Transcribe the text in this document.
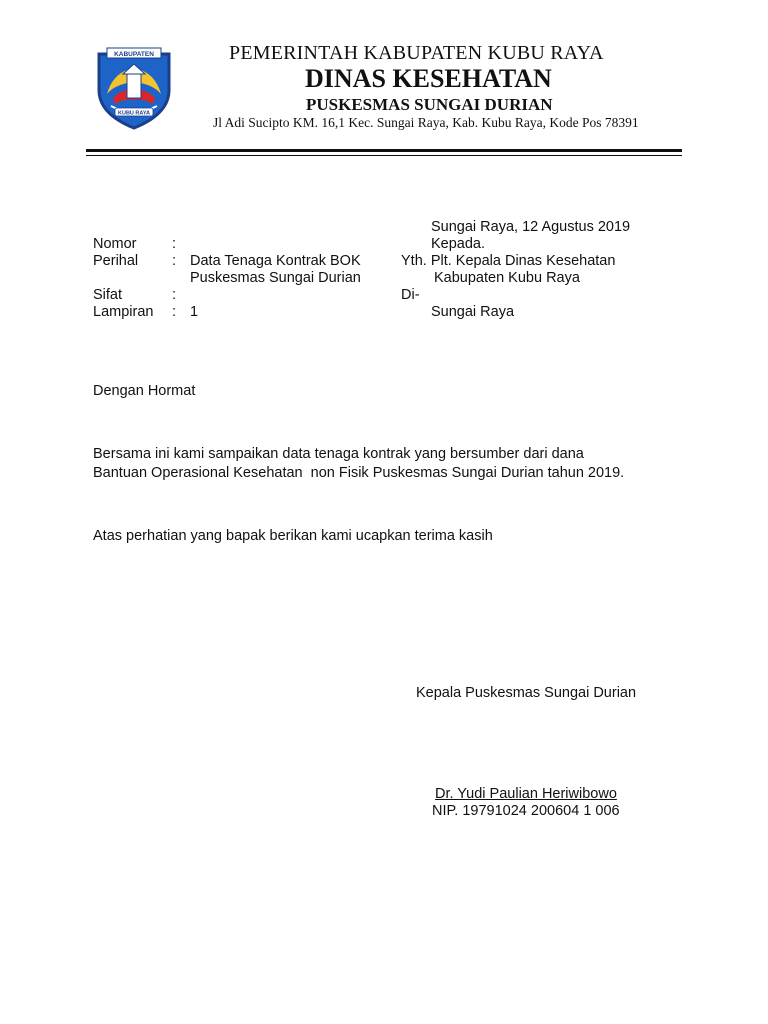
KABUPATEN
KUBU RAYA
PEMERINTAH KABUPATEN KUBU RAYA
DINAS KESEHATAN
PUSKESMAS SUNGAI DURIAN
Jl Adi Sucipto KM. 16,1 Kec. Sungai Raya, Kab. Kubu Raya, Kode Pos 78391
Sungai Raya, 12 Agustus 2019
Kepada.
Yth. Plt. Kepala Dinas Kesehatan
Kabupaten Kubu Raya
Di-
Sungai Raya
Nomor :
Perihal : Data Tenaga Kontrak BOK
Puskesmas Sungai Durian
Sifat	:
Lampiran : 1
Dengan Hormat
Bersama ini kami sampaikan data tenaga kontrak yang bersumber dari dana
Bantuan Operasional Kesehatan  non Fisik Puskesmas Sungai Durian tahun 2019.
Atas perhatian yang bapak berikan kami ucapkan terima kasih
Kepala Puskesmas Sungai Durian
Dr. Yudi Paulian Heriwibowo
NIP. 19791024 200604 1 006
